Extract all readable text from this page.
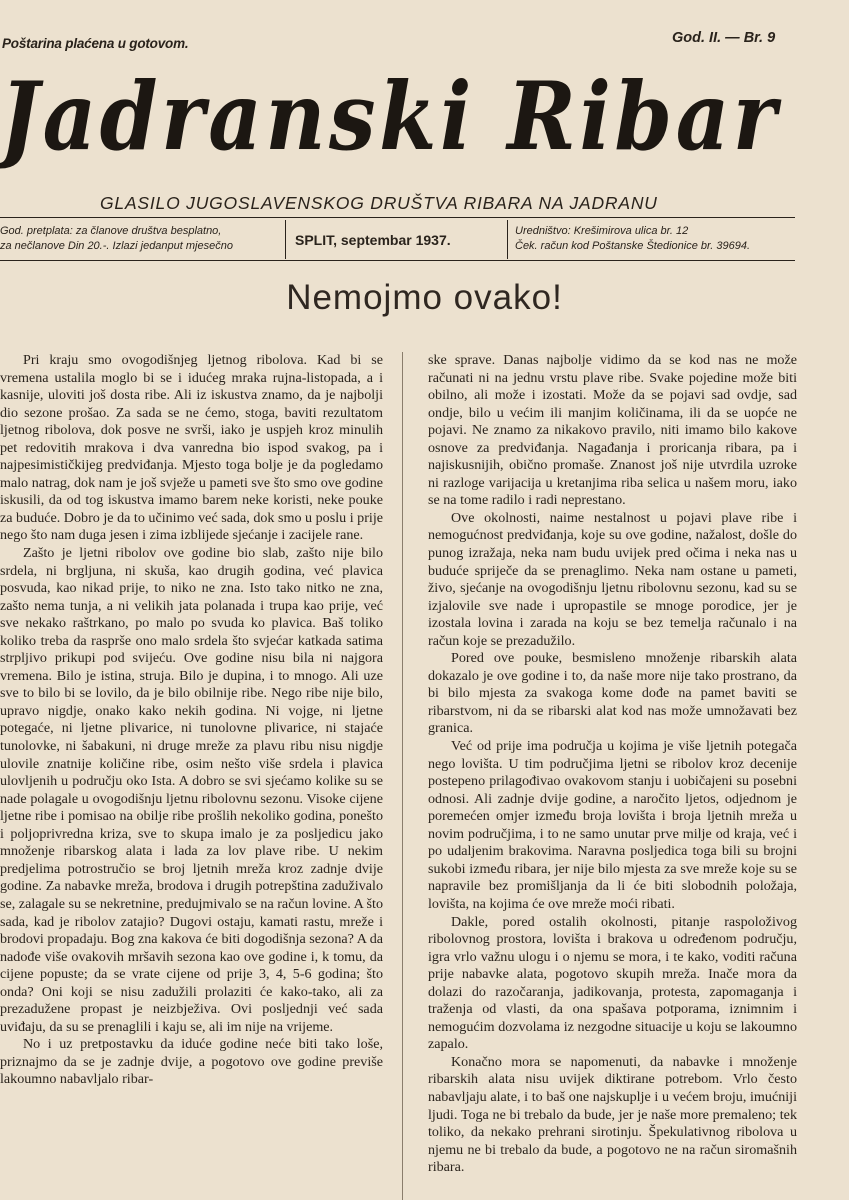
Poštarina plaćena u gotovom.	God. II. — Br. 9
Jadranski Ribar
GLASILO JUGOSLAVENSKOG DRUŠTVA RIBARA NA JADRANU
God. pretplata: za članove društva besplatno,
za nečlanove Din 20.-. Izlazi jedanput mjesečno	SPLIT, septembar 1937.
Uredništvo: Krešimirova ulica br. 12
Ček. račun kod Poštanske Štedionice br. 39694.
Nemojmo ovako!

Pri kraju smo ovogodišnjeg ljetnog ribolova. Kad bi se vremena ustalila moglo bi se i idućeg mraka rujna-listopada, a i kasnije, uloviti još dosta ribe. Ali iz iskustva znamo, da je najbolji dio sezone prošao. Za sada se ne ćemo, stoga, baviti rezultatom ljetnog ribolova, dok posve ne svrši, iako je uspjeh kroz minulih pet redovitih mrakova i dva vanredna bio ispod svakog, pa i najpesimističkijeg predviđanja. Mjesto toga bolje je da pogledamo malo natrag, dok nam je još svježe u pameti sve što smo ove godine iskusili, da od tog iskustva imamo barem neke koristi, neke pouke za buduće. Dobro je da to učinimo već sada, dok smo u poslu i prije nego što nam duga jesen i zima izblijede sjećanje i zacijele rane.

Zašto je ljetni ribolov ove godine bio slab, zašto nije bilo srdela, ni brgljuna, ni skuša, kao drugih godina, već plavica posvuda, kao nikad prije, to niko ne zna. Isto tako nitko ne zna, zašto nema tunja, a ni velikih jata polanada i trupa kao prije, već sve nekako raštrkano, po malo po svuda ko plavica. Baš toliko koliko treba da raspršе ono malo srdela što svjećar katkada satima strpljivo prikupi pod svijeću. Ove godine nisu bila ni najgora vremena. Bilo je istina, struja. Bilo je dupina, i to mnogo. Ali uze sve to bilo bi se lovilo, da je bilo obilnije ribe. Nego ribe nije bilo, upravo nigdje, onako kako nekih godina. Ni vojge, ni ljetne potegaće, ni ljetne plivarice, ni tunolovne plivarice, ni stajaće tunolovke, ni šabakuni, ni druge mreže za plavu ribu nisu nigdje ulovile znatnije količine ribe, osim nešto više srdela i plavica ulovljenih u području oko Ista. A dobro se svi sjećamo kolike su se nade polagale u ovogodišnju ljetnu ribolovnu sezonu. Visoke cijene ljetne ribe i pomisao na obilje ribe prošlih nekoliko godina, ponešto i poljoprivredna kriza, sve to skupa imalo je za posljedicu jako množenje ribarskog alata i lada za lov plave ribe. U nekim predjelima potrostručio se broj ljetnih mreža kroz zadnje dvije godine. Za nabavke mreža, brodova i drugih potrepština zaduživalo se, zalagale su se nekretnine, predujmivalo se na račun lovine. A što sada, kad je ribolov zatajio? Dugovi ostaju, kamati rastu, mreže i brodovi propadaju. Bog zna kakova će biti dogodišnja sezona? A da nadođe više ovakovih mršavih sezona kao ove godine i, k tomu, da cijene popuste; da se vrate cijene od prije 3, 4, 5-6 godina; što onda? Oni koji se nisu zadužili prolaziti će kako-tako, ali za prezadužene propast je neizbježiva. Ovi posljednji već sada uviđaju, da su se prenaglili i kaju se, ali im nije na vrijeme.

No i uz pretpostavku da iduće godine neće biti tako loše, priznajmo da se je zadnje dvije, a pogotovo ove godine previše lakoumno nabavljalo ribar-

ske sprave. Danas najbolje vidimo da se kod nas ne može računati ni na jednu vrstu plave ribe. Svake pojedine može biti obilno, ali može i izostati. Može da se pojavi sad ovdje, sad ondje, bilo u većim ili manjim količinama, ili da se uopće ne pojavi. Ne znamo za nikakovo pravilo, niti imamo bilo kakove osnove za predviđanja. Nagađanja i proricanja ribara, pa i najiskusnijih, obično promaše. Znanost još nije utvrdila uzroke ni razloge varijacija u kretanjima riba selica u našem moru, iako se na tome radilo i radi neprestano.

Ove okolnosti, naime nestalnost u pojavi plave ribe i nemogućnost predviđanja, koje su ove godine, nažalost, došle do punog izražaja, neka nam budu uvijek pred očima i neka nas u buduće spriječe da se prenaglimo. Neka nam ostane u pameti, živo, sjećanje na ovogodišnju ljetnu ribolovnu sezonu, kad su se izjalovile sve nade i upropastile se mnoge porodice, jer je izostala lovina i zarada na koju se bez temelja računalo i na račun koje se prezadužilo.

Pored ove pouke, besmisleno množenje ribarskih alata dokazalo je ove godine i to, da naše more nije tako prostrano, da bi bilo mjesta za svakoga kome dođe na pamet baviti se ribarstvom, ni da se ribarski alat kod nas može umnožavati bez granica.

Već od prije ima područja u kojima je više ljetnih potegača nego lovišta. U tim područjima ljetni se ribolov kroz decenije postepeno prilagođivao ovakovom stanju i uobičajeni su posebni odnosi. Ali zadnje dvije godine, a naročito ljetos, odjednom je poremećen omjer između broja lovišta i broja ljetnih mreža u novim područjima, i to ne samo unutar prve milje od kraja, već i po udaljenim brakovima. Naravna posljedica toga bili su brojni sukobi između ribara, jer nije bilo mjesta za sve mreže koje su se napravile bez promišljanja da li će biti slobodnih položaja, lovišta, na kojima će ove mreže moći ribati.

Dakle, pored ostalih okolnosti, pitanje raspoloživog ribolovnog prostora, lovišta i brakova u određenom području, igra vrlo važnu ulogu i o njemu se mora, i te kako, voditi računa prije nabavke alata, pogotovo skupih mreža. Inače mora da dolazi do razočaranja, jadikovanja, protesta, zapomaganja i traženja od vlasti, da ona spašava potporama, iznimnim i nemogućim dozvolama iz nezgodne situacije u koju se lakoumno zapalo.

Konačno mora se napomenuti, da nabavke i množenje ribarskih alata nisu uvijek diktirane potrebom. Vrlo često nabavljaju alate, i to baš one najskuplje i u većem broju, imućniji ljudi. Toga ne bi trebalo da bude, jer je naše more premaleno; tek toliko, da nekako prehrani sirotinju. Špekulativnog ribolova u njemu ne bi trebalo da bude, a pogotovo ne na račun siromašnih ribara.
